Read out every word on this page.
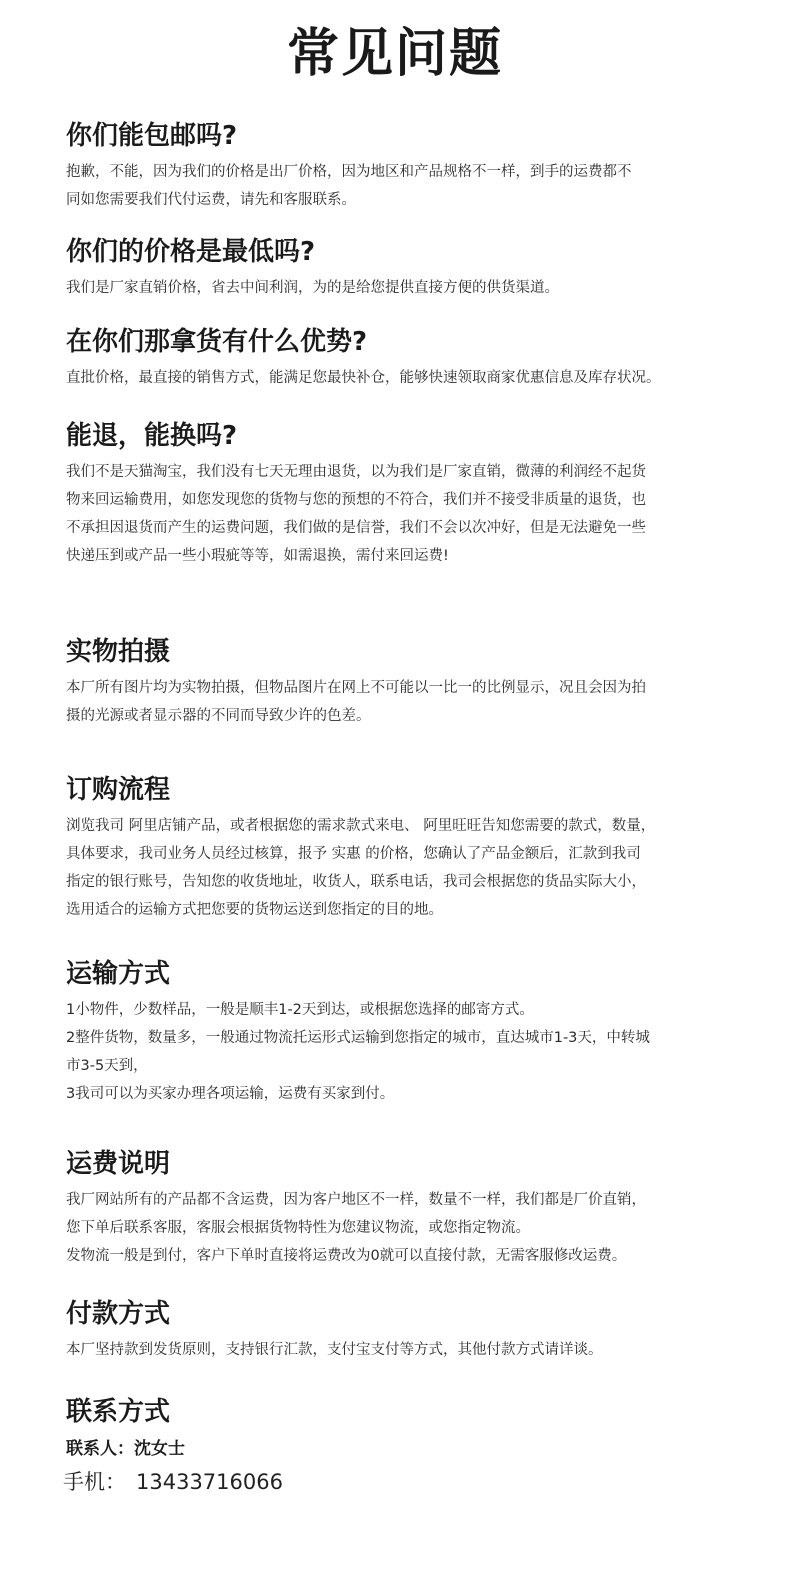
常见问题
你们能包邮吗?
抱歉，不能，因为我们的价格是出厂价格，因为地区和产品规格不一样，到手的运费都不
同如您需要我们代付运费，请先和客服联系。
你们的价格是最低吗?
我们是厂家直销价格，省去中间利润，为的是给您提供直接方便的供货渠道。
在你们那拿货有什么优势?
直批价格，最直接的销售方式，能满足您最快补仓，能够快速领取商家优惠信息及库存状况。
能退，能换吗?
我们不是天猫淘宝，我们没有七天无理由退货，以为我们是厂家直销，微薄的利润经不起货
物来回运输费用，如您发现您的货物与您的预想的不符合，我们并不接受非质量的退货，也
不承担因退货而产生的运费问题，我们做的是信誉，我们不会以次冲好，但是无法避免一些
快递压到或产品一些小瑕疵等等，如需退换，需付来回运费!
实物拍摄
本厂所有图片均为实物拍摄，但物品图片在网上不可能以一比一的比例显示，况且会因为拍
摄的光源或者显示器的不同而导致少许的色差。
订购流程
浏览我司 阿里店铺产品，或者根据您的需求款式来电、 阿里旺旺告知您需要的款式，数量，
具体要求，我司业务人员经过核算，报予 实惠 的价格，您确认了产品金额后，汇款到我司
指定的银行账号，告知您的收货地址，收货人，联系电话，我司会根据您的货品实际大小，
选用适合的运输方式把您要的货物运送到您指定的目的地。
运输方式
1小物件，少数样品，一般是顺丰1-2天到达，或根据您选择的邮寄方式。
2整件货物，数量多，一般通过物流托运形式运输到您指定的城市，直达城市1-3天，中转城
市3-5天到，
3我司可以为买家办理各项运输，运费有买家到付。
运费说明
我厂网站所有的产品都不含运费，因为客户地区不一样，数量不一样，我们都是厂价直销，
您下单后联系客服，客服会根据货物特性为您建议物流，或您指定物流。
发物流一般是到付，客户下单时直接将运费改为0就可以直接付款，无需客服修改运费。
付款方式
本厂坚持款到发货原则，支持银行汇款，支付宝支付等方式，其他付款方式请详谈。
联系方式
联系人：沈女士
手机： 13433716066
